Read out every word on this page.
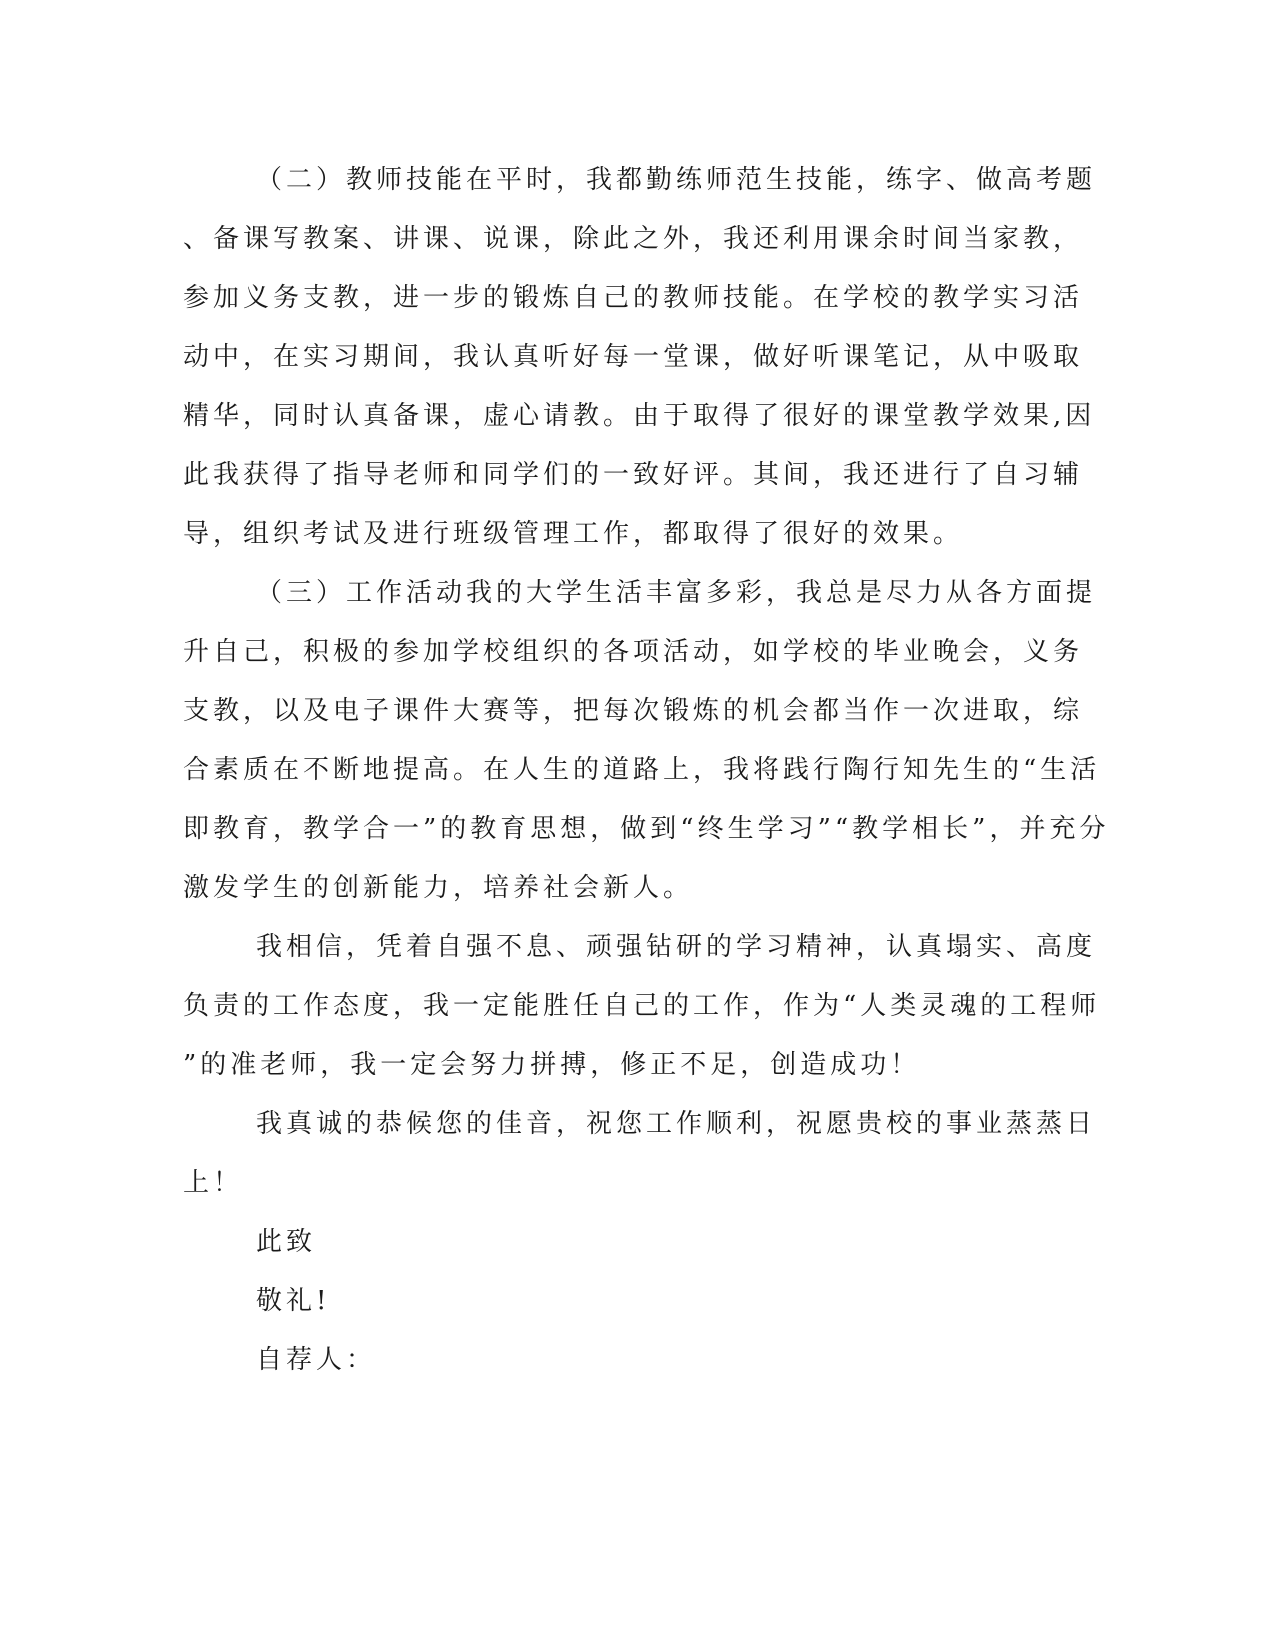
（二）教师技能在平时，我都勤练师范生技能，练字、做高考题
、备课写教案、讲课、说课，除此之外，我还利用课余时间当家教，
参加义务支教，进一步的锻炼自己的教师技能。在学校的教学实习活
动中，在实习期间，我认真听好每一堂课，做好听课笔记，从中吸取
精华，同时认真备课，虚心请教。由于取得了很好的课堂教学效果,因
此我获得了指导老师和同学们的一致好评。其间，我还进行了自习辅
导，组织考试及进行班级管理工作，都取得了很好的效果。
（三）工作活动我的大学生活丰富多彩，我总是尽力从各方面提
升自己，积极的参加学校组织的各项活动，如学校的毕业晚会，义务
支教，以及电子课件大赛等，把每次锻炼的机会都当作一次进取，综
合素质在不断地提高。在人生的道路上，我将践行陶行知先生的“生活
即教育，教学合一”的教育思想，做到“终生学习”“教学相长”，并充分
激发学生的创新能力，培养社会新人。
我相信，凭着自强不息、顽强钻研的学习精神，认真塌实、高度
负责的工作态度，我一定能胜任自己的工作，作为“人类灵魂的工程师
”的准老师，我一定会努力拼搏，修正不足，创造成功！
我真诚的恭候您的佳音，祝您工作顺利，祝愿贵校的事业蒸蒸日
上！
此致
敬礼!
自荐人：
